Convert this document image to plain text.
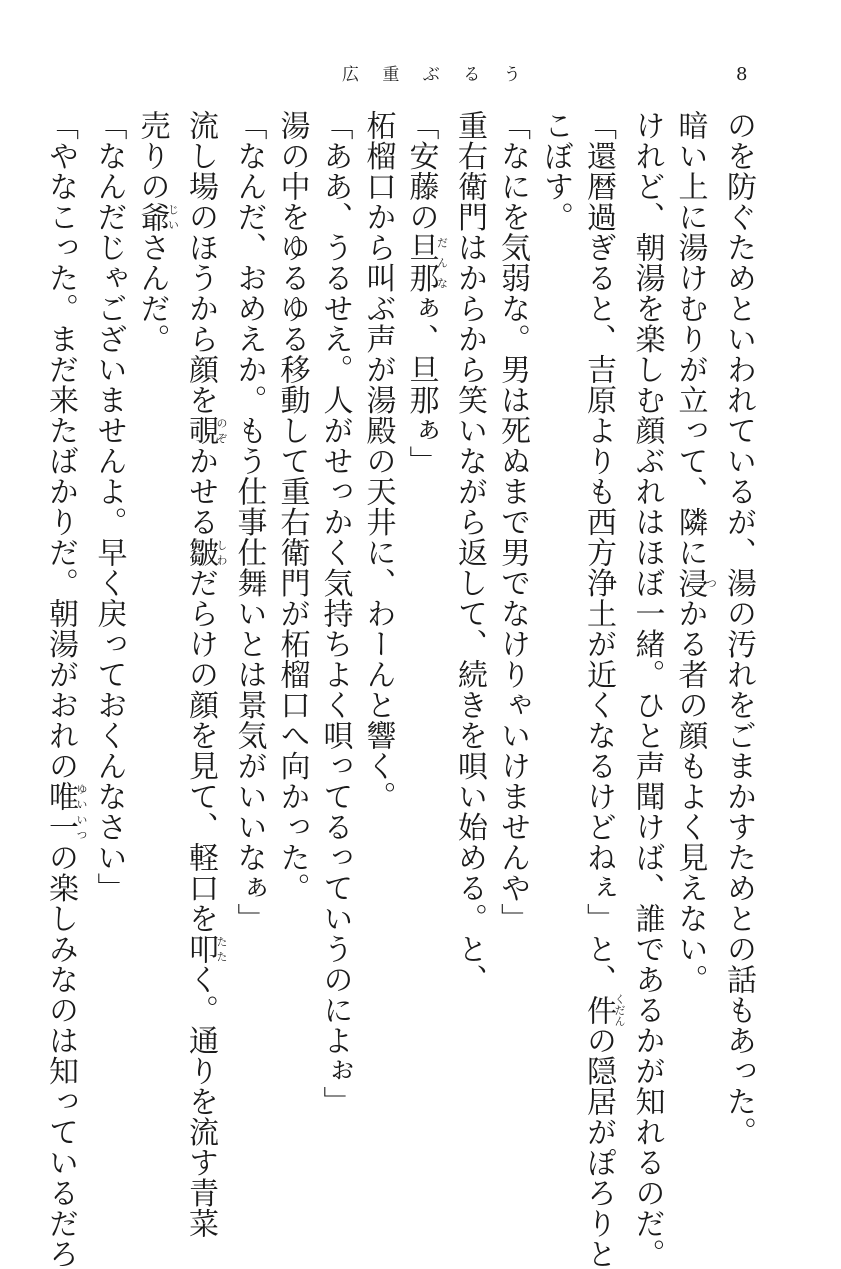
広 重 ぶ る う	8
のを防ぐためといわれているが、湯の汚れをごまかすためとの話もあった。
暗い上に湯けむりが立って、隣に浸つかる者の顔もよく見えない。
けれど、朝湯を楽しむ顔ぶれはほぼ一緒。ひと声聞けば、誰であるかが知れるのだ。
「還暦過ぎると、吉原よりも西方浄土が近くなるけどねぇ」と、件くだんの隠居がぽろりと
こぼす。
「なにを気弱な。男は死ぬまで男でなけりゃいけませんや」
重右衛門はからから笑いながら返して、続きを唄い始める。と、
「安藤の旦那だんなぁ、旦那ぁ」
柘榴口から叫ぶ声が湯殿の天井に、わーんと響く。
「ああ、うるせえ。人がせっかく気持ちよく唄ってるっていうのによぉ」
湯の中をゆるゆる移動して重右衛門が柘榴口へ向かった。
「なんだ、おめえか。もう仕事仕舞いとは景気がいいなぁ」
流し場のほうから顔を覗のぞかせる皺しわだらけの顔を見て、軽口を叩たたく。通りを流す青菜
売りの爺じいさんだ。
「なんだじゃございませんよ。早く戻っておくんなさい」
「やなこった。まだ来たばかりだ。朝湯がおれの唯一ゆいいつの楽しみなのは知っているだろ
